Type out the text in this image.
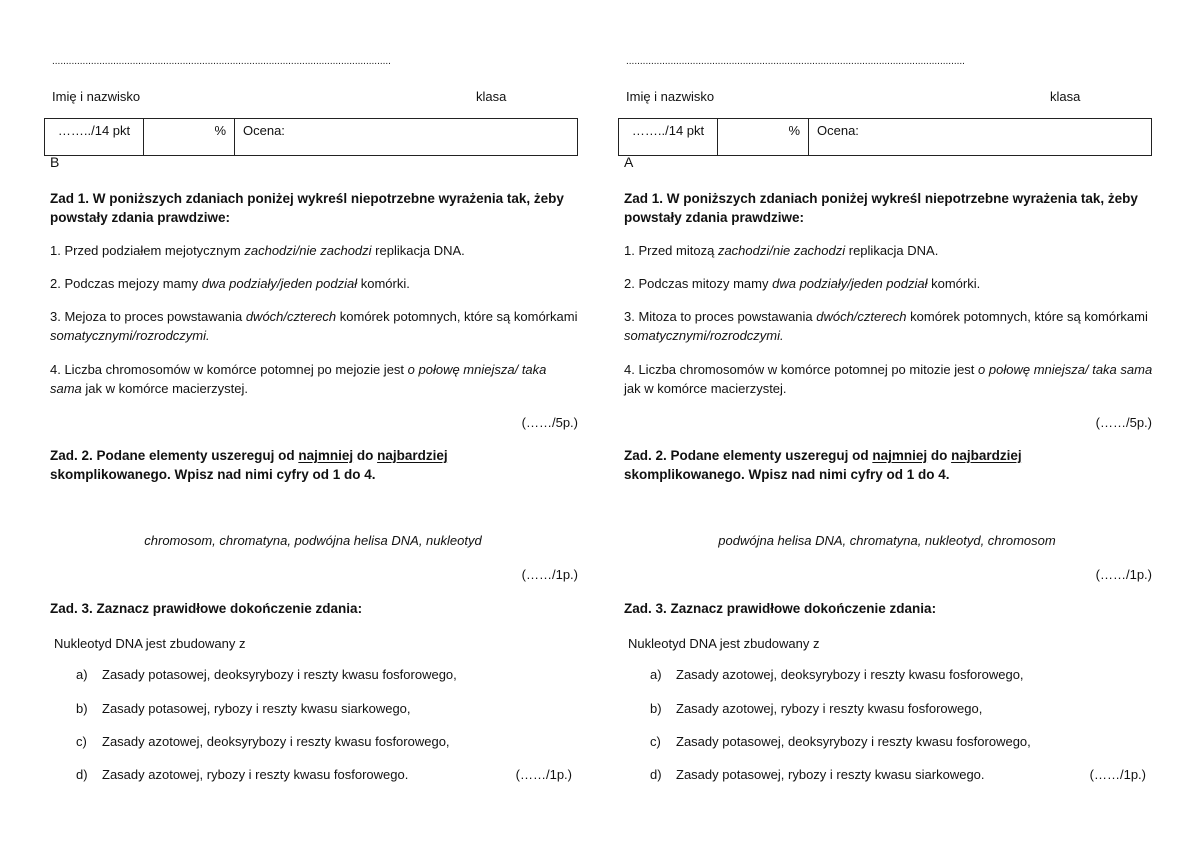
..........................................................................................................................
Imię i nazwisko	klasa
……../14 pkt	%	Ocena:
B
Zad 1. W poniższych zdaniach poniżej wykreśl niepotrzebne wyrażenia tak, żeby powstały zdania prawdziwe:
1. Przed podziałem mejotycznym zachodzi/nie zachodzi replikacja DNA.
2. Podczas mejozy mamy dwa podziały/jeden podział komórki.
3. Mejoza to proces powstawania dwóch/czterech komórek potomnych, które są komórkami somatycznymi/rozrodczymi.
4. Liczba chromosomów w komórce potomnej po mejozie jest o połowę mniejsza/ taka sama jak w komórce macierzystej.
(……/5p.)
Zad. 2. Podane elementy uszereguj od najmniej do najbardziej
skomplikowanego. Wpisz nad nimi cyfry od 1 do 4.
chromosom, chromatyna, podwójna helisa DNA, nukleotyd
(……/1p.)
Zad. 3. Zaznacz prawidłowe dokończenie zdania:
Nukleotyd DNA jest zbudowany z
a) Zasady potasowej, deoksyrybozy i reszty kwasu fosforowego,
b) Zasady potasowej, rybozy i reszty kwasu siarkowego,
c) Zasady azotowej, deoksyrybozy i reszty kwasu fosforowego,
d) Zasady azotowej, rybozy i reszty kwasu fosforowego.	(……/1p.)
..........................................................................................................................
Imię i nazwisko	klasa
……../14 pkt	%	Ocena:
A
Zad 1. W poniższych zdaniach poniżej wykreśl niepotrzebne wyrażenia tak, żeby powstały zdania prawdziwe:
1. Przed mitozą zachodzi/nie zachodzi replikacja DNA.
2. Podczas mitozy mamy dwa podziały/jeden podział komórki.
3. Mitoza to proces powstawania dwóch/czterech komórek potomnych, które są komórkami somatycznymi/rozrodczymi.
4. Liczba chromosomów w komórce potomnej po mitozie jest o połowę mniejsza/ taka sama jak w komórce macierzystej.
(……/5p.)
Zad. 2. Podane elementy uszereguj od najmniej do najbardziej
skomplikowanego. Wpisz nad nimi cyfry od 1 do 4.
podwójna helisa DNA, chromatyna, nukleotyd, chromosom
(……/1p.)
Zad. 3. Zaznacz prawidłowe dokończenie zdania:
Nukleotyd DNA jest zbudowany z
a) Zasady azotowej, deoksyrybozy i reszty kwasu fosforowego,
b) Zasady azotowej, rybozy i reszty kwasu fosforowego,
c) Zasady potasowej, deoksyrybozy i reszty kwasu fosforowego,
d) Zasady potasowej, rybozy i reszty kwasu siarkowego.	(……/1p.)
